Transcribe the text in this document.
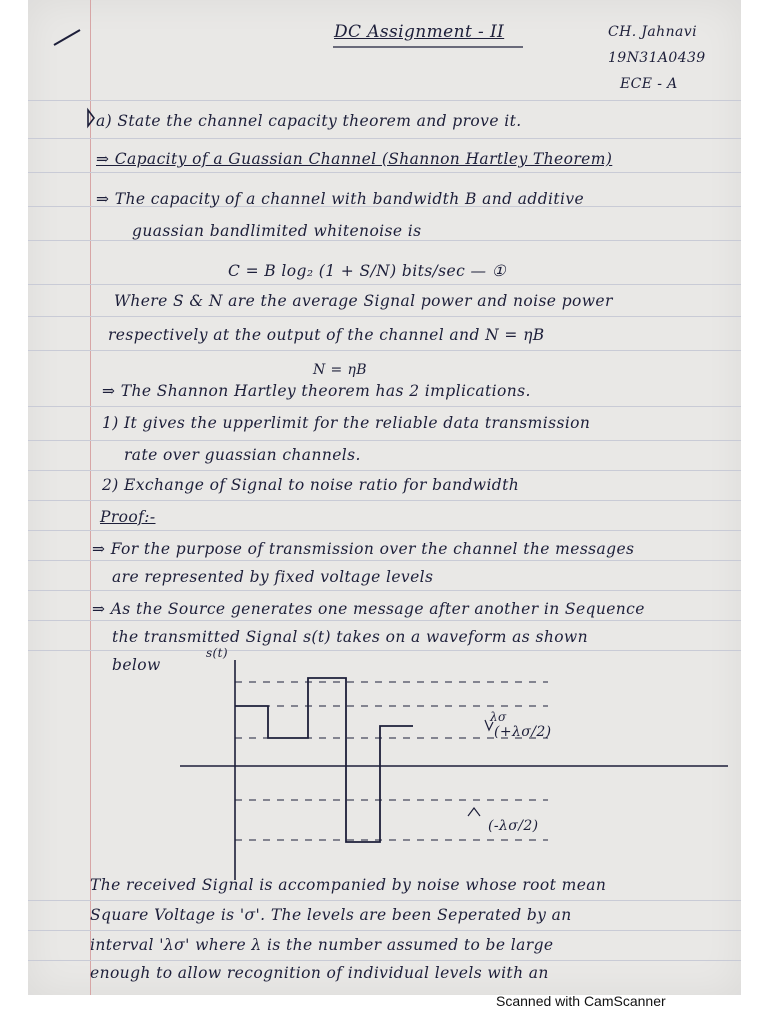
DC Assignment - II	CH. Jahnavi
19N31A0439
ECE - A
a) State the channel capacity theorem and prove it.
⇒ Capacity of a Guassian Channel (Shannon Hartley Theorem)
⇒ The capacity of a channel with bandwidth B and additive
guassian bandlimited whitenoise is
C = B log₂ (1 + S/N) bits/sec — ①
Where S & N are the average Signal power and noise power
respectively at the output of the channel and N = ηB
N = ηB
⇒ The Shannon Hartley theorem has 2 implications.
1) It gives the upperlimit for the reliable data transmission
rate over guassian channels.
2) Exchange of Signal to noise ratio for bandwidth
Proof:-
⇒ For the purpose of transmission over the channel the messages
are represented by fixed voltage levels
⇒ As the Source generates one message after another in Sequence
the transmitted Signal s(t) takes on a waveform as shown
below
s(t)
λσ
(+λσ/2)
(-λσ/2)
The received Signal is accompanied by noise whose root mean
Square Voltage is 'σ'. The levels are been Seperated by an
interval 'λσ' where λ is the number assumed to be large
enough to allow recognition of individual levels with an
Scanned with CamScanner
